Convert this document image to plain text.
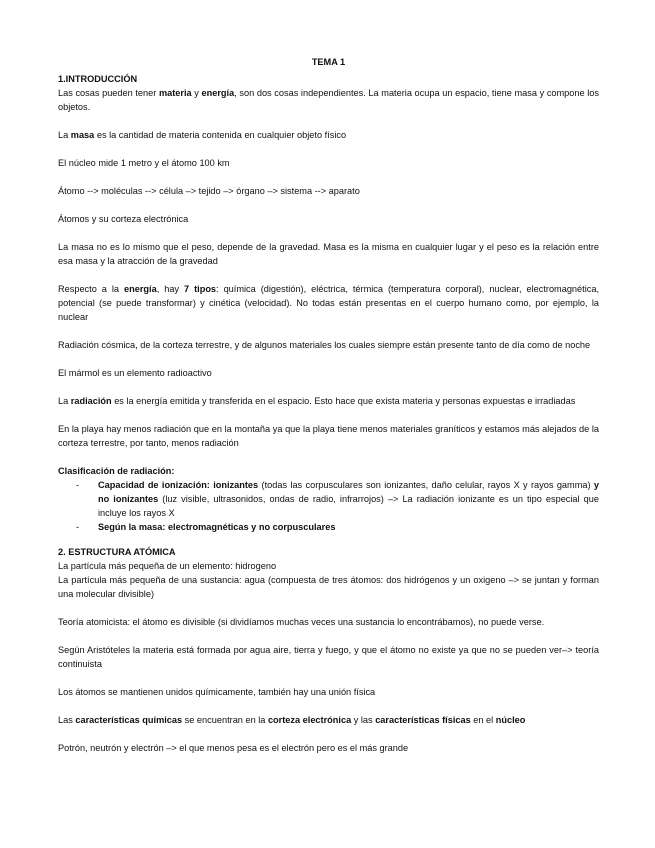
TEMA 1
1.INTRODUCCIÓN

Las cosas pueden tener materia y energía, son dos cosas independientes. La materia ocupa un espacio, tiene masa y compone los objetos.

La masa es la cantidad de materia contenida en cualquier objeto físico

El núcleo mide 1 metro y el átomo 100 km

Átomo --> moléculas --> célula –> tejido –> órgano –> sistema --> aparato

Átomos y su corteza electrónica

La masa no es lo mismo que el peso, depende de la gravedad. Masa es la misma en cualquier lugar y el peso es la relación entre esa masa y la atracción de la gravedad

Respecto a la energía, hay 7 tipos: química (digestión), eléctrica, térmica (temperatura corporal), nuclear, electromagnética, potencial (se puede transformar) y cinética (velocidad). No todas están presentas en el cuerpo humano como, por ejemplo, la nuclear

Radiación cósmica, de la corteza terrestre, y de algunos materiales los cuales siempre están presente tanto de día como de noche

El mármol es un elemento radioactivo

La radiación es la energía emitida y transferida en el espacio. Esto hace que exista materia y personas expuestas e irradiadas

En la playa hay menos radiación que en la montaña ya que la playa tiene menos materiales graníticos y estamos más alejados de la corteza terrestre, por tanto, menos radiación

Clasificación de radiación:

- Capacidad de ionización: ionizantes (todas las corpusculares son ionizantes, daño celular, rayos X y rayos gamma) y no ionizantes (luz visible, ultrasonidos, ondas de radio, infrarrojos) –> La radiación ionizante es un tipo especial que incluye los rayos X
- Según la masa: electromagnéticas y no corpusculares
2. ESTRUCTURA ATÓMICA

La partícula más pequeña de un elemento: hidrogeno

La partícula más pequeña de una sustancia: agua (compuesta de tres átomos: dos hidrógenos y un oxigeno –> se juntan y forman una molecular divisible)

Teoría atomicista: el átomo es divisible (si dividíamos muchas veces una sustancia lo encontrábamos), no puede verse.

Según Aristóteles la materia está formada por agua aire, tierra y fuego, y que el átomo no existe ya que no se pueden ver–> teoría continuista

Los átomos se mantienen unidos químicamente, también hay una unión física

Las características químicas se encuentran en la corteza electrónica y las características físicas en el núcleo

Potrón, neutrón y electrón –> el que menos pesa es el electrón pero es el más grande
